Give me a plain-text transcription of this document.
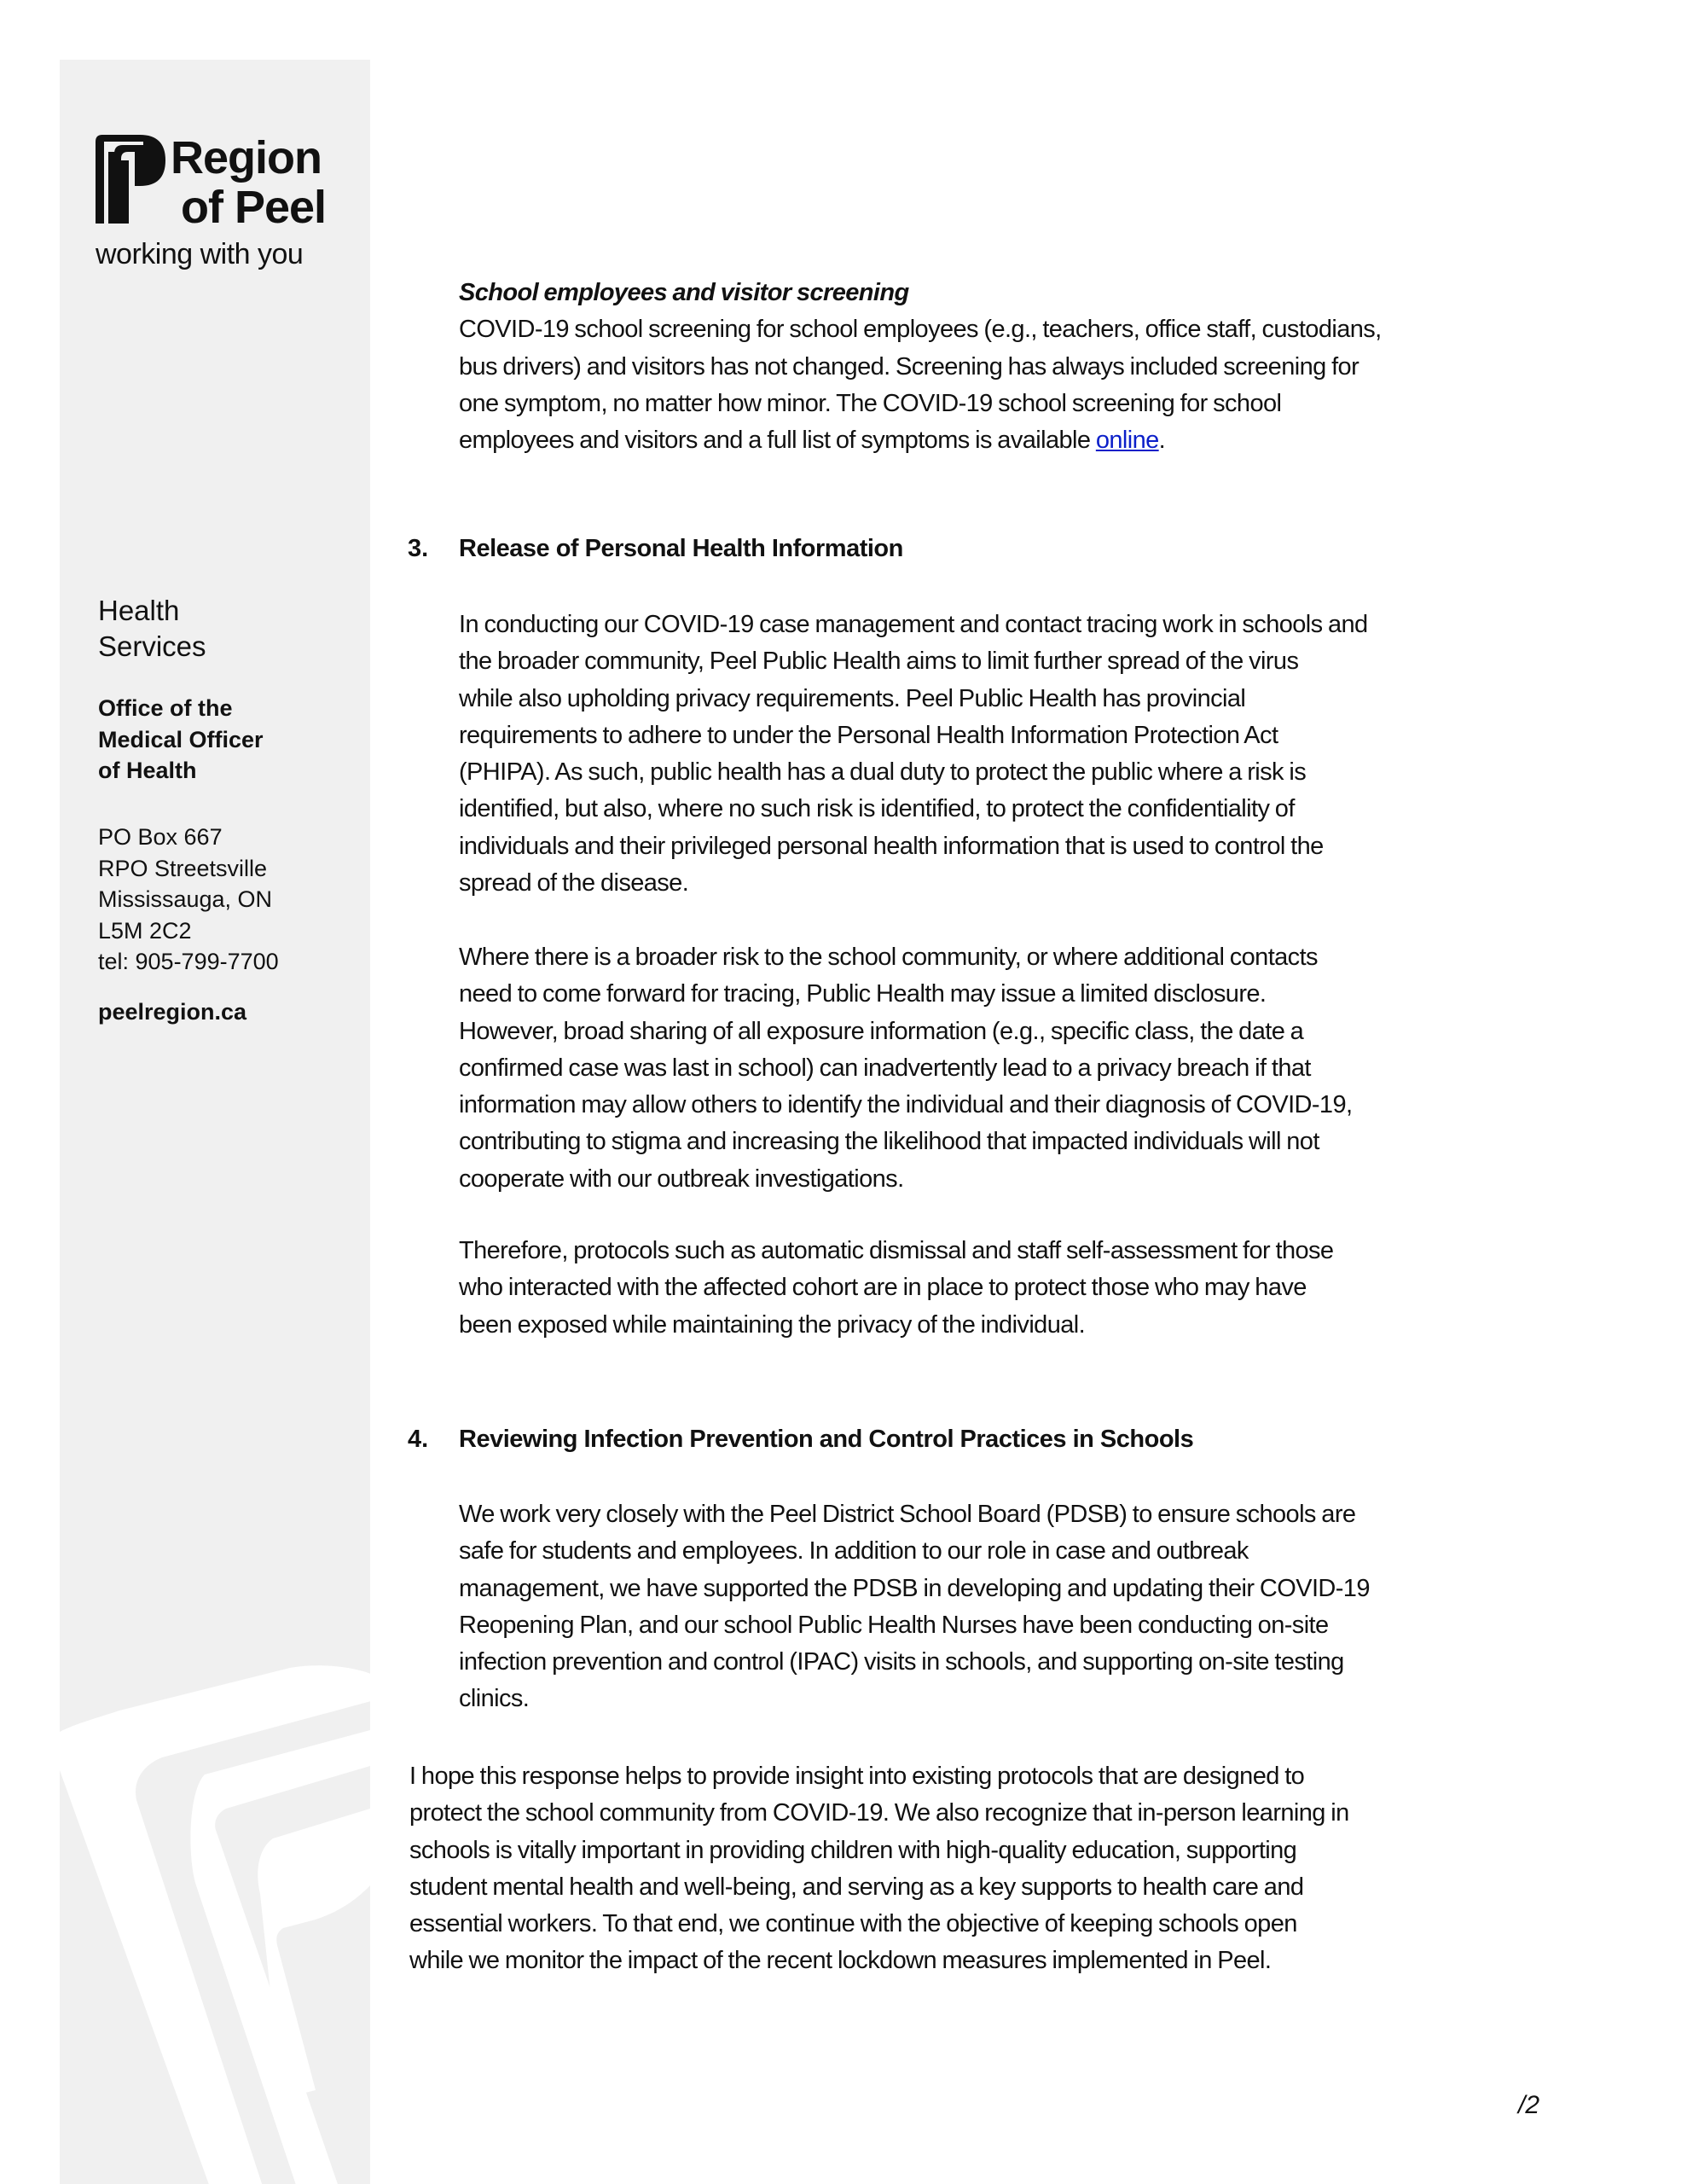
Region
of Peel
working with you
Health
Services
Office of the
Medical Officer
of Health
PO Box 667
RPO Streetsville
Mississauga, ON
L5M 2C2
tel: 905-799-7700
peelregion.ca
School employees and visitor screening
COVID-19 school screening for school employees (e.g., teachers, office staff, custodians,
bus drivers) and visitors has not changed. Screening has always included screening for
one symptom, no matter how minor. The COVID-19 school screening for school
employees and visitors and a full list of symptoms is available online.
3. Release of Personal Health Information
In conducting our COVID-19 case management and contact tracing work in schools and
the broader community, Peel Public Health aims to limit further spread of the virus
while also upholding privacy requirements. Peel Public Health has provincial
requirements to adhere to under the Personal Health Information Protection Act
(PHIPA). As such, public health has a dual duty to protect the public where a risk is
identified, but also, where no such risk is identified, to protect the confidentiality of
individuals and their privileged personal health information that is used to control the
spread of the disease.
Where there is a broader risk to the school community, or where additional contacts
need to come forward for tracing, Public Health may issue a limited disclosure.
However, broad sharing of all exposure information (e.g., specific class, the date a
confirmed case was last in school) can inadvertently lead to a privacy breach if that
information may allow others to identify the individual and their diagnosis of COVID-19,
contributing to stigma and increasing the likelihood that impacted individuals will not
cooperate with our outbreak investigations.
Therefore, protocols such as automatic dismissal and staff self-assessment for those
who interacted with the affected cohort are in place to protect those who may have
been exposed while maintaining the privacy of the individual.
4. Reviewing Infection Prevention and Control Practices in Schools
We work very closely with the Peel District School Board (PDSB) to ensure schools are
safe for students and employees. In addition to our role in case and outbreak
management, we have supported the PDSB in developing and updating their COVID-19
Reopening Plan, and our school Public Health Nurses have been conducting on-site
infection prevention and control (IPAC) visits in schools, and supporting on-site testing
clinics.
I hope this response helps to provide insight into existing protocols that are designed to
protect the school community from COVID-19. We also recognize that in-person learning in
schools is vitally important in providing children with high-quality education, supporting
student mental health and well-being, and serving as a key supports to health care and
essential workers. To that end, we continue with the objective of keeping schools open
while we monitor the impact of the recent lockdown measures implemented in Peel.
/2
